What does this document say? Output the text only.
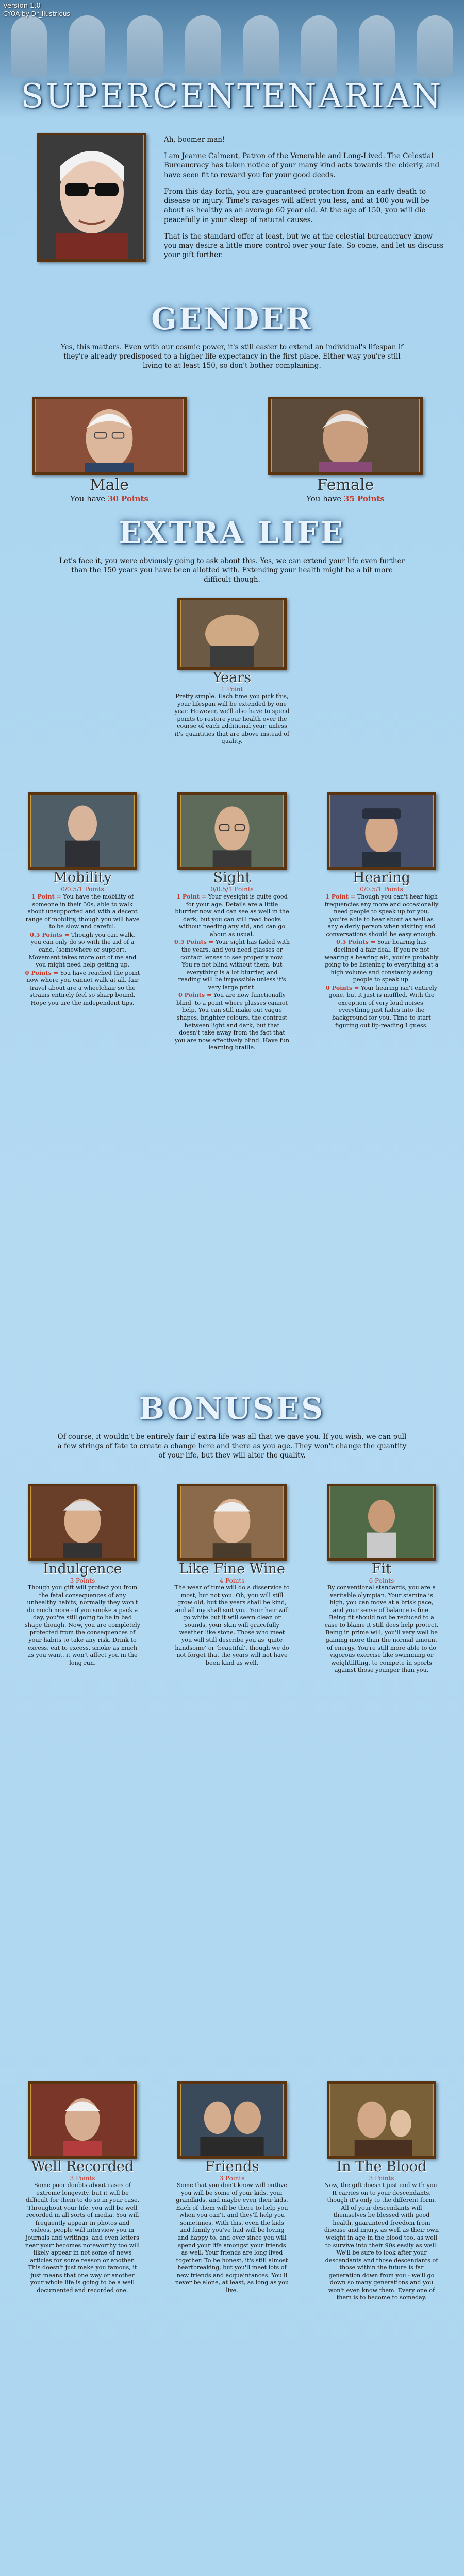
Version 1.0
CYOA by Dr_Ilustrious
SUPERCENTENARIAN

Ah, boomer man!

I am Jeanne Calment, Patron of the Venerable and Long-Lived. The Celestial Bureaucracy has taken notice of your many kind acts towards the elderly, and have seen fit to reward you for your good deeds.

From this day forth, you are guaranteed protection from an early death to disease or injury. Time's ravages will affect you less, and at 100 you will be about as healthy as an average 60 year old. At the age of 150, you will die peacefully in your sleep of natural causes.

That is the standard offer at least, but we at the celestial bureaucracy know you may desire a little more control over your fate. So come, and let us discuss your gift further.

GENDER
Yes, this matters. Even with our cosmic power, it's still easier to extend an individual's lifespan if they're already predisposed to a higher life expectancy in the first place. Either way you're still living to at least 150, so don't bother complaining.
Male
You have 30 Points
Female
You have 35 Points
EXTRA LIFE
Let's face it, you were obviously going to ask about this. Yes, we can extend your life even further than the 150 years you have been allotted with. Extending your health might be a bit more difficult though.
Years
1 Point
Pretty simple. Each time you pick this, your lifespan will be extended by one year. However, we'll also have to spend points to restore your health over the course of each additional year, unless it's quantities that are above instead of quality.
Mobility
0/0.5/1 Points
1 Point = You have the mobility of someone in their 30s, able to walk about unsupported and with a decent range of mobility, though you will have to be slow and careful.
0.5 Points = Though you can walk, you can only do so with the aid of a cane, (somewhere or support. Movement takes more out of me and you might need help getting up.
0 Points = You have reached the point now where you cannot walk at all, fair travel about are a wheelchair so the strains entirely feel so sharp bound. Hope you are the independent tips.
Sight
0/0.5/1 Points
1 Point = Your eyesight is quite good for your age. Details are a little blurrier now and can see as well in the dark, but you can still read books without needing any aid, and can go about as usual.
0.5 Points = Your sight has faded with the years, and you need glasses or contact lenses to see properly now. You're not blind without them, but everything is a lot blurrier, and reading will be impossible unless it's very large print.
0 Points = You are now functionally blind, to a point where glasses cannot help. You can still make out vague shapes, brighter colours, the contrast between light and dark, but that doesn't take away from the fact that you are now effectively blind. Have fun learning braille.
Hearing
0/0.5/1 Points
1 Point = Though you can't hear high frequencies any more and occasionally need people to speak up for you, you're able to hear about as well as any elderly person when visiting and conversations should be easy enough.
0.5 Points = Your hearing has declined a fair deal. If you're not wearing a hearing aid, you're probably going to be listening to everything at a high volume and constantly asking people to speak up.
0 Points = Your hearing isn't entirely gone, but it just is muffled. With the exception of very loud noises, everything just fades into the background for you. Time to start figuring out lip-reading I guess.
BONUSES
Of course, it wouldn't be entirely fair if extra life was all that we gave you. If you wish, we can pull a few strings of fate to create a change here and there as you age. They won't change the quantity of your life, but they will alter the quality.
Indulgence
3 Points
Though you gift will protect you from the fatal consequences of any unhealthy habits, normally they won't do much more - if you smoke a pack a day, you're still going to be in bad shape though. Now, you are completely protected from the consequences of your habits to take any risk. Drink to excess, eat to excess, smoke as much as you want, it won't affect you in the long run.
Like Fine Wine
4 Points
The wear of time will do a disservice to most, but not you. Oh, you will still grow old, but the years shall be kind, and all my shall suit you. Your hair will go white but it will seem clean or sounds, your skin will gracefully weather like stone. Those who meet you will still describe you as 'quite handsome' or 'beautiful', though we do not forget that the years will not have been kind as well.
Fit
6 Points
By conventional standards, you are a veritable olympian. Your stamina is high, you can move at a brisk pace, and your sense of balance is fine. Being fit should not be reduced to a case to blame it still does help protect. Being in prime will, you'll very well be gaining more than the normal amount of energy. You're still more able to do vigorous exercise like swimming or weightlifting, to compete in sports against those younger than you.
Well Recorded
3 Points
Some poor doubts about cases of extreme longevity, but it will be difficult for them to do so in your case. Throughout your life, you will be well recorded in all sorts of media. You will frequently appear in photos and videos, people will interview you in journals and writings, and even letters near your becomes noteworthy too will likely appear in not some of news articles for some reason or another. This doesn't just make you famous, it just means that one way or another your whole life is going to be a well documented and recorded one.
Friends
3 Points
Some that you don't know will outlive you will be some of your kids, your grandkids, and maybe even their kids. Each of them will be there to help you when you can't, and they'll help you sometimes. With this, even the kids and family you've had will be loving and happy to, and ever since you will spend your life amongst your friends as well. Your friends are long lived together. To be honest, it's still almost heartbreaking, but you'll meet lots of new friends and acquaintances. You'll never be alone, at least, as long as you live.
In The Blood
3 Points
Now, the gift doesn't just end with you. It carries on to your descendants, though it's only to the different form. All of your descendants will themselves be blessed with good health, guaranteed freedom from disease and injury, as well as their own weight in age in the blood too, as well to survive into their 90s easily as well. We'll be sure to look after your descendants and those descendants of those within the future is far generation down from you - we'll go down so many generations and you won't even know them. Every one of them is to become to someday.
